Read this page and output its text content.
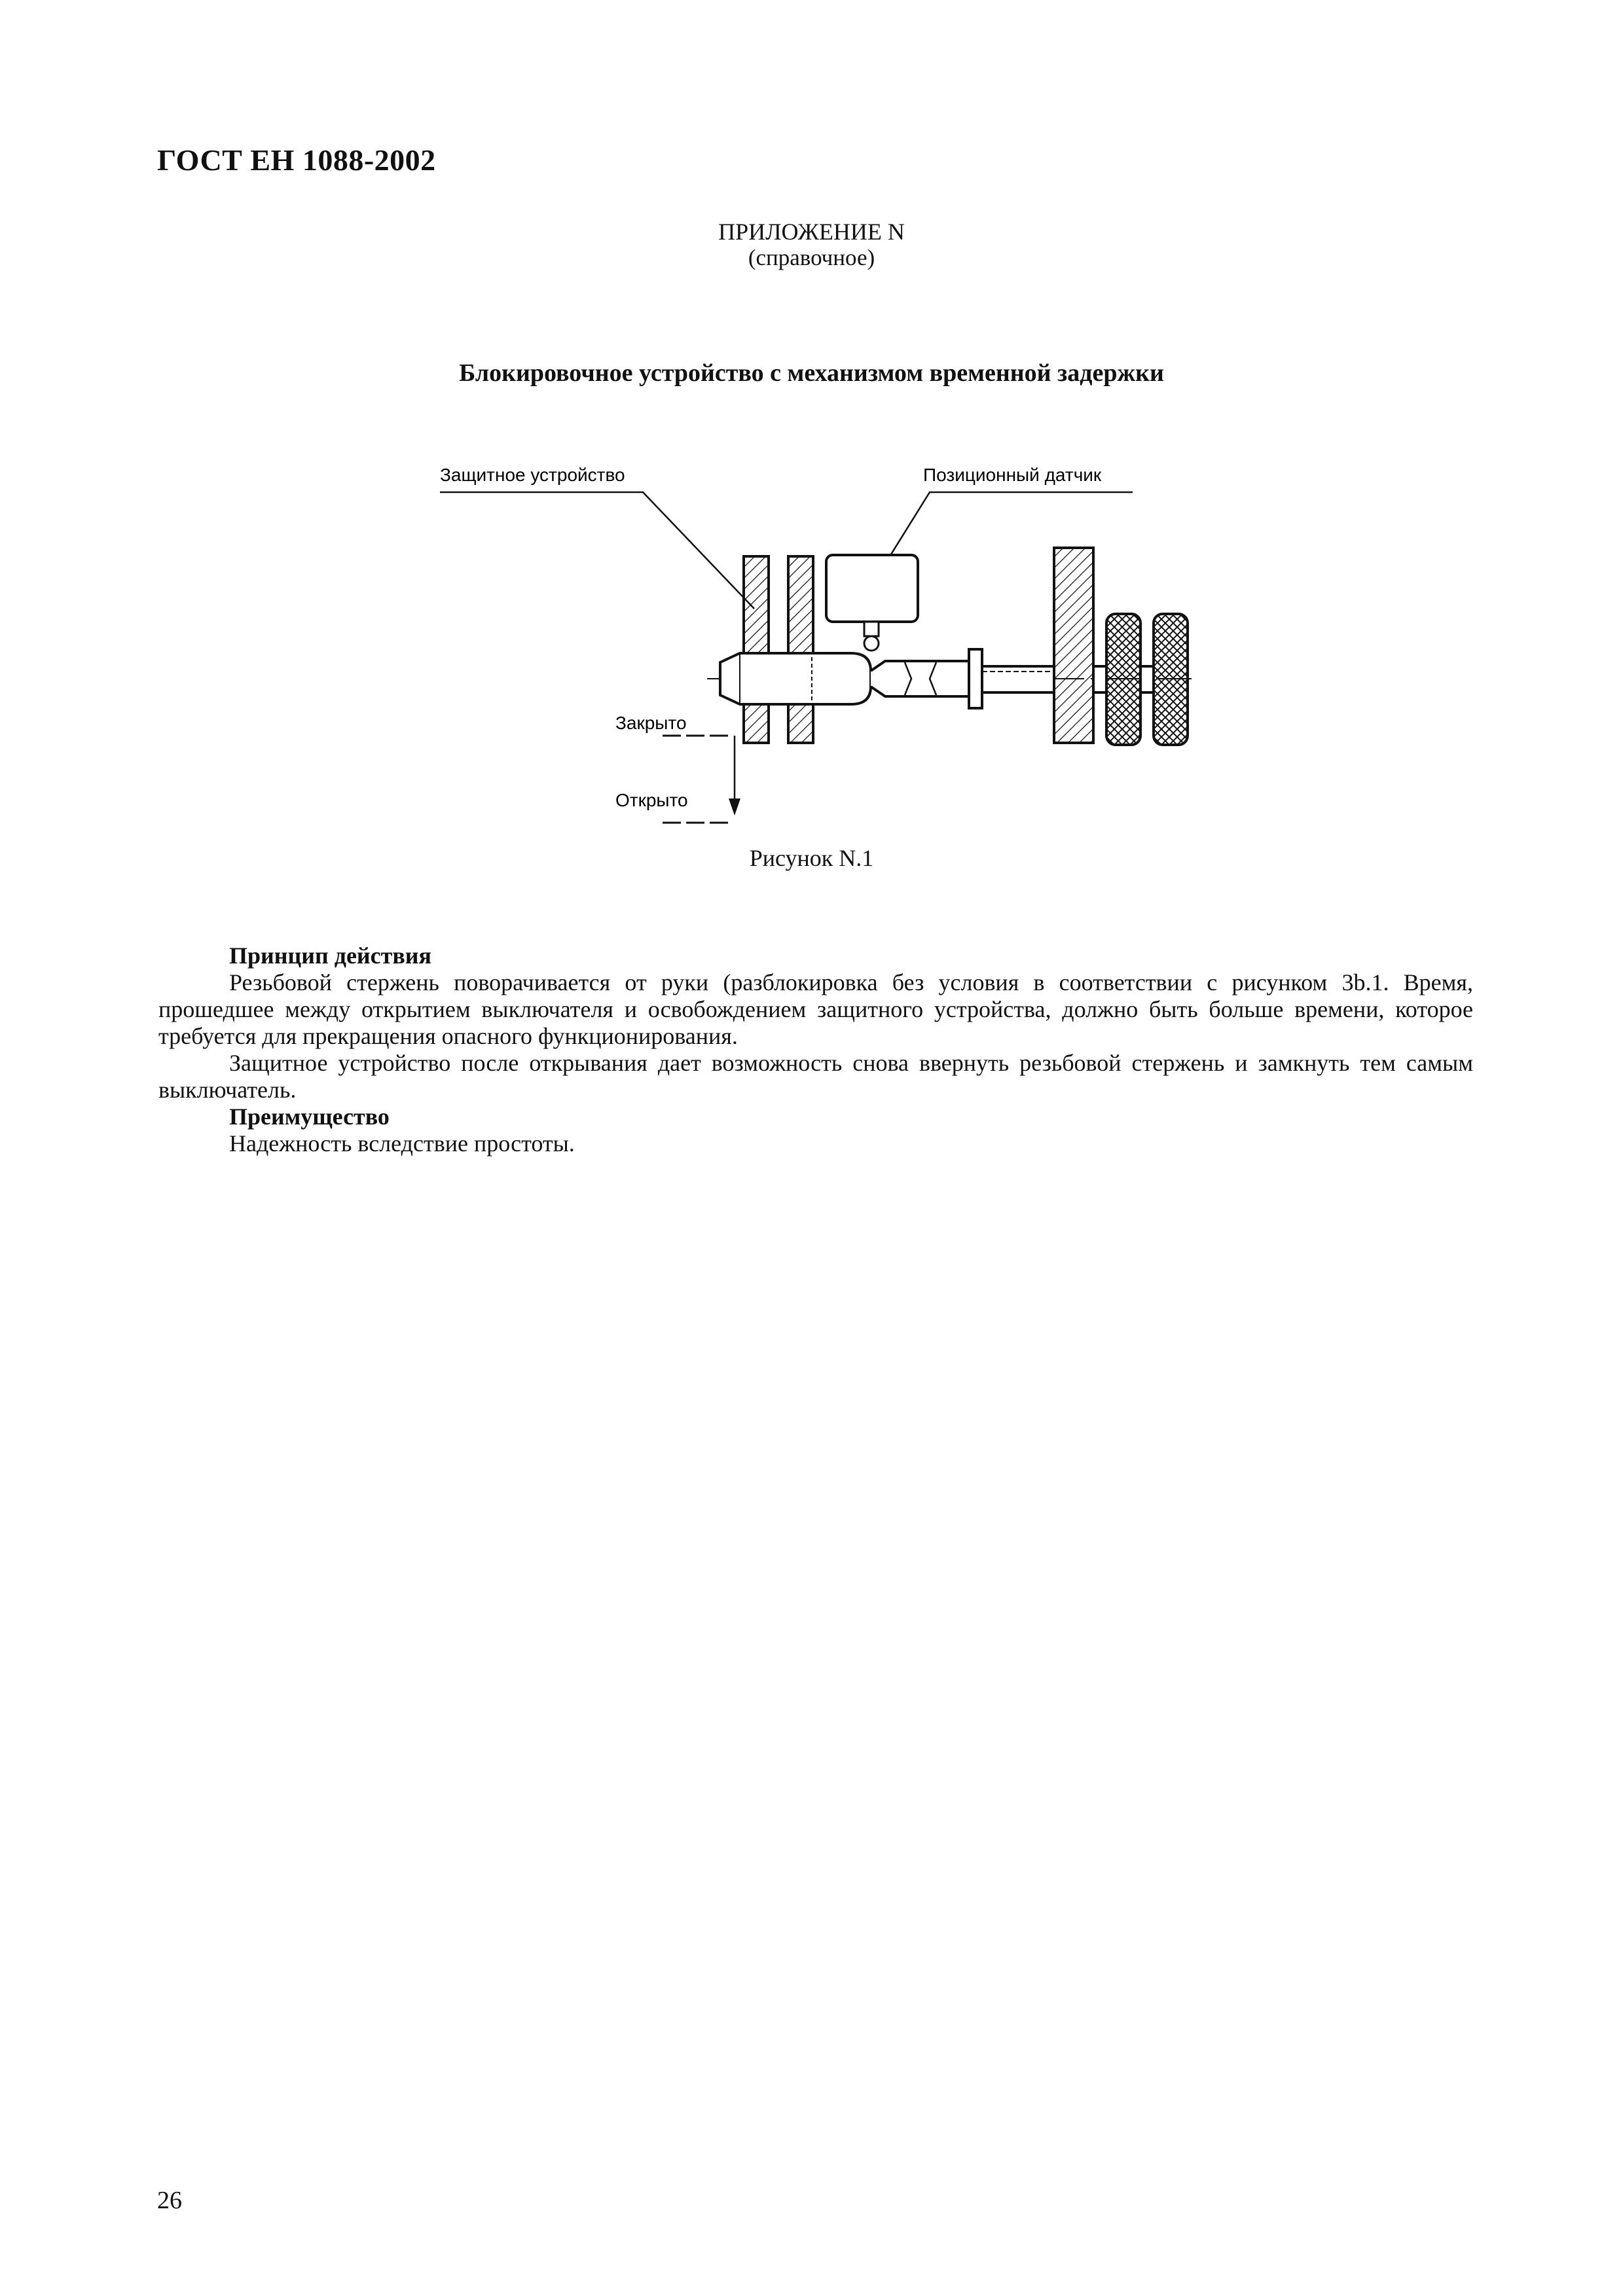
ГОСТ ЕН 1088-2002
ПРИЛОЖЕНИЕ N
(справочное)
Блокировочное устройство с механизмом временной задержки
Защитное устройство	Позиционный датчик
Закрыто
Открыто
Рисунок N.1

Принцип действия

Резьбовой стержень поворачивается от руки (разблокировка без условия в соответствии с рисунком 3b.1. Время, прошедшее между открытием выключателя и освобождением защитного устройства, должно быть больше времени, которое требуется для прекращения опасного функционирования.

Защитное устройство после открывания дает возможность снова ввернуть резьбовой стержень и замкнуть тем самым выключатель.

Преимущество

Надежность вследствие простоты.

26
